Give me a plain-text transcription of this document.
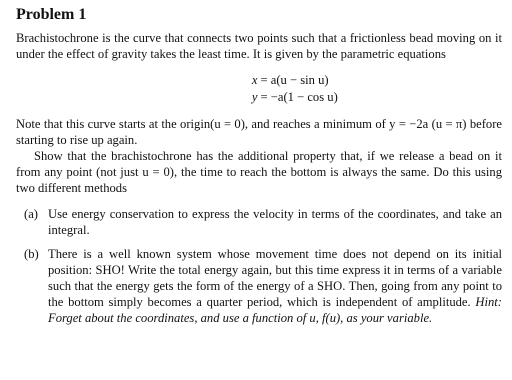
Problem 1

Brachistochrone is the curve that connects two points such that a frictionless bead moving on it under the effect of gravity takes the least time. It is given by the parametric equations

x = a(u − sin u)
y = −a(1 − cos u)

Note that this curve starts at the origin(u = 0), and reaches a minimum of y = −2a (u = π) before starting to rise up again.

Show that the brachistochrone has the additional property that, if we release a bead on it from any point (not just u = 0), the time to reach the bottom is always the same. Do this using two different methods

(a) Use energy conservation to express the velocity in terms of the coordinates, and take an integral.
(b) There is a well known system whose movement time does not depend on its initial position: SHO! Write the total energy again, but this time express it in terms of a variable such that the energy gets the form of the energy of a SHO. Then, going from any point to the bottom simply becomes a quarter period, which is independent of amplitude. Hint: Forget about the coordinates, and use a function of u, f(u), as your variable.
